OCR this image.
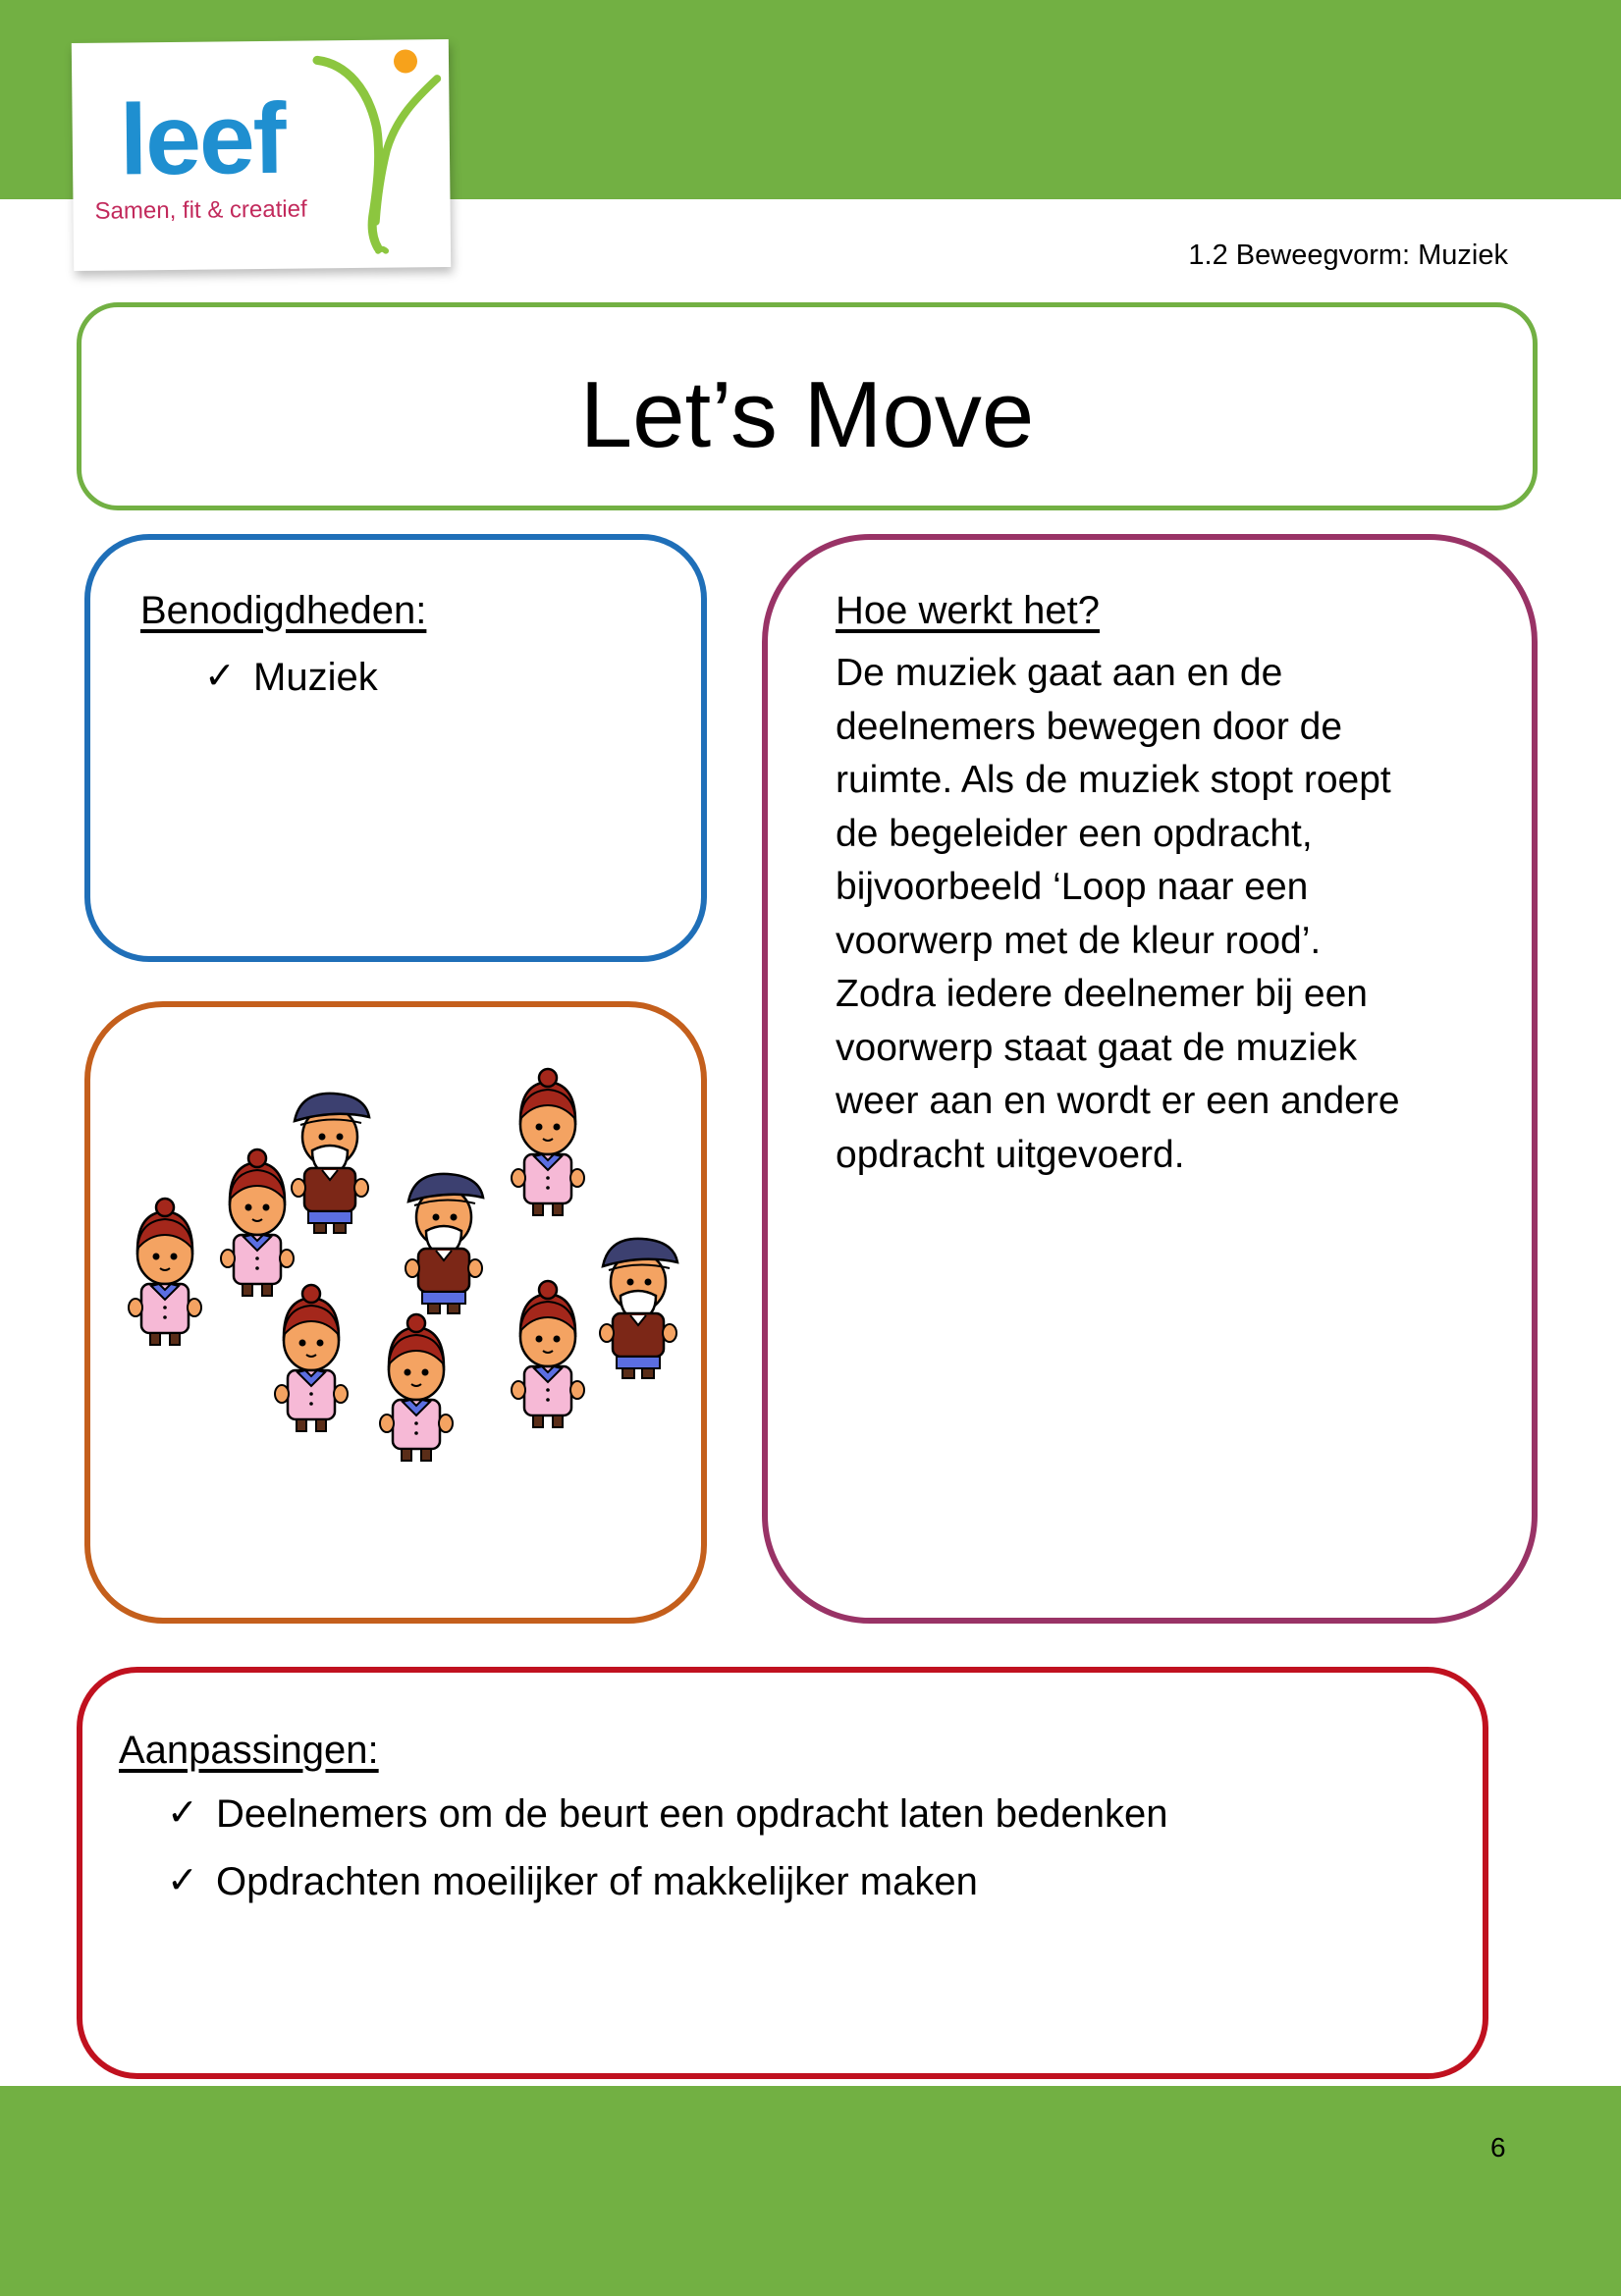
leef
Samen, fit & creatief
1.2 Beweegvorm: Muziek
Let’s Move
Benodigdheden:
✓ Muziek
Hoe werkt het?
De muziek gaat aan en de
deelnemers bewegen door de
ruimte. Als de muziek stopt roept
de begeleider een opdracht,
bijvoorbeeld ‘Loop naar een
voorwerp met de kleur rood’.
Zodra iedere deelnemer bij een
voorwerp staat gaat de muziek
weer aan en wordt er een andere
opdracht uitgevoerd.
Aanpassingen:
✓ Deelnemers om de beurt een opdracht laten bedenken
✓ Opdrachten moeilijker of makkelijker maken
6
